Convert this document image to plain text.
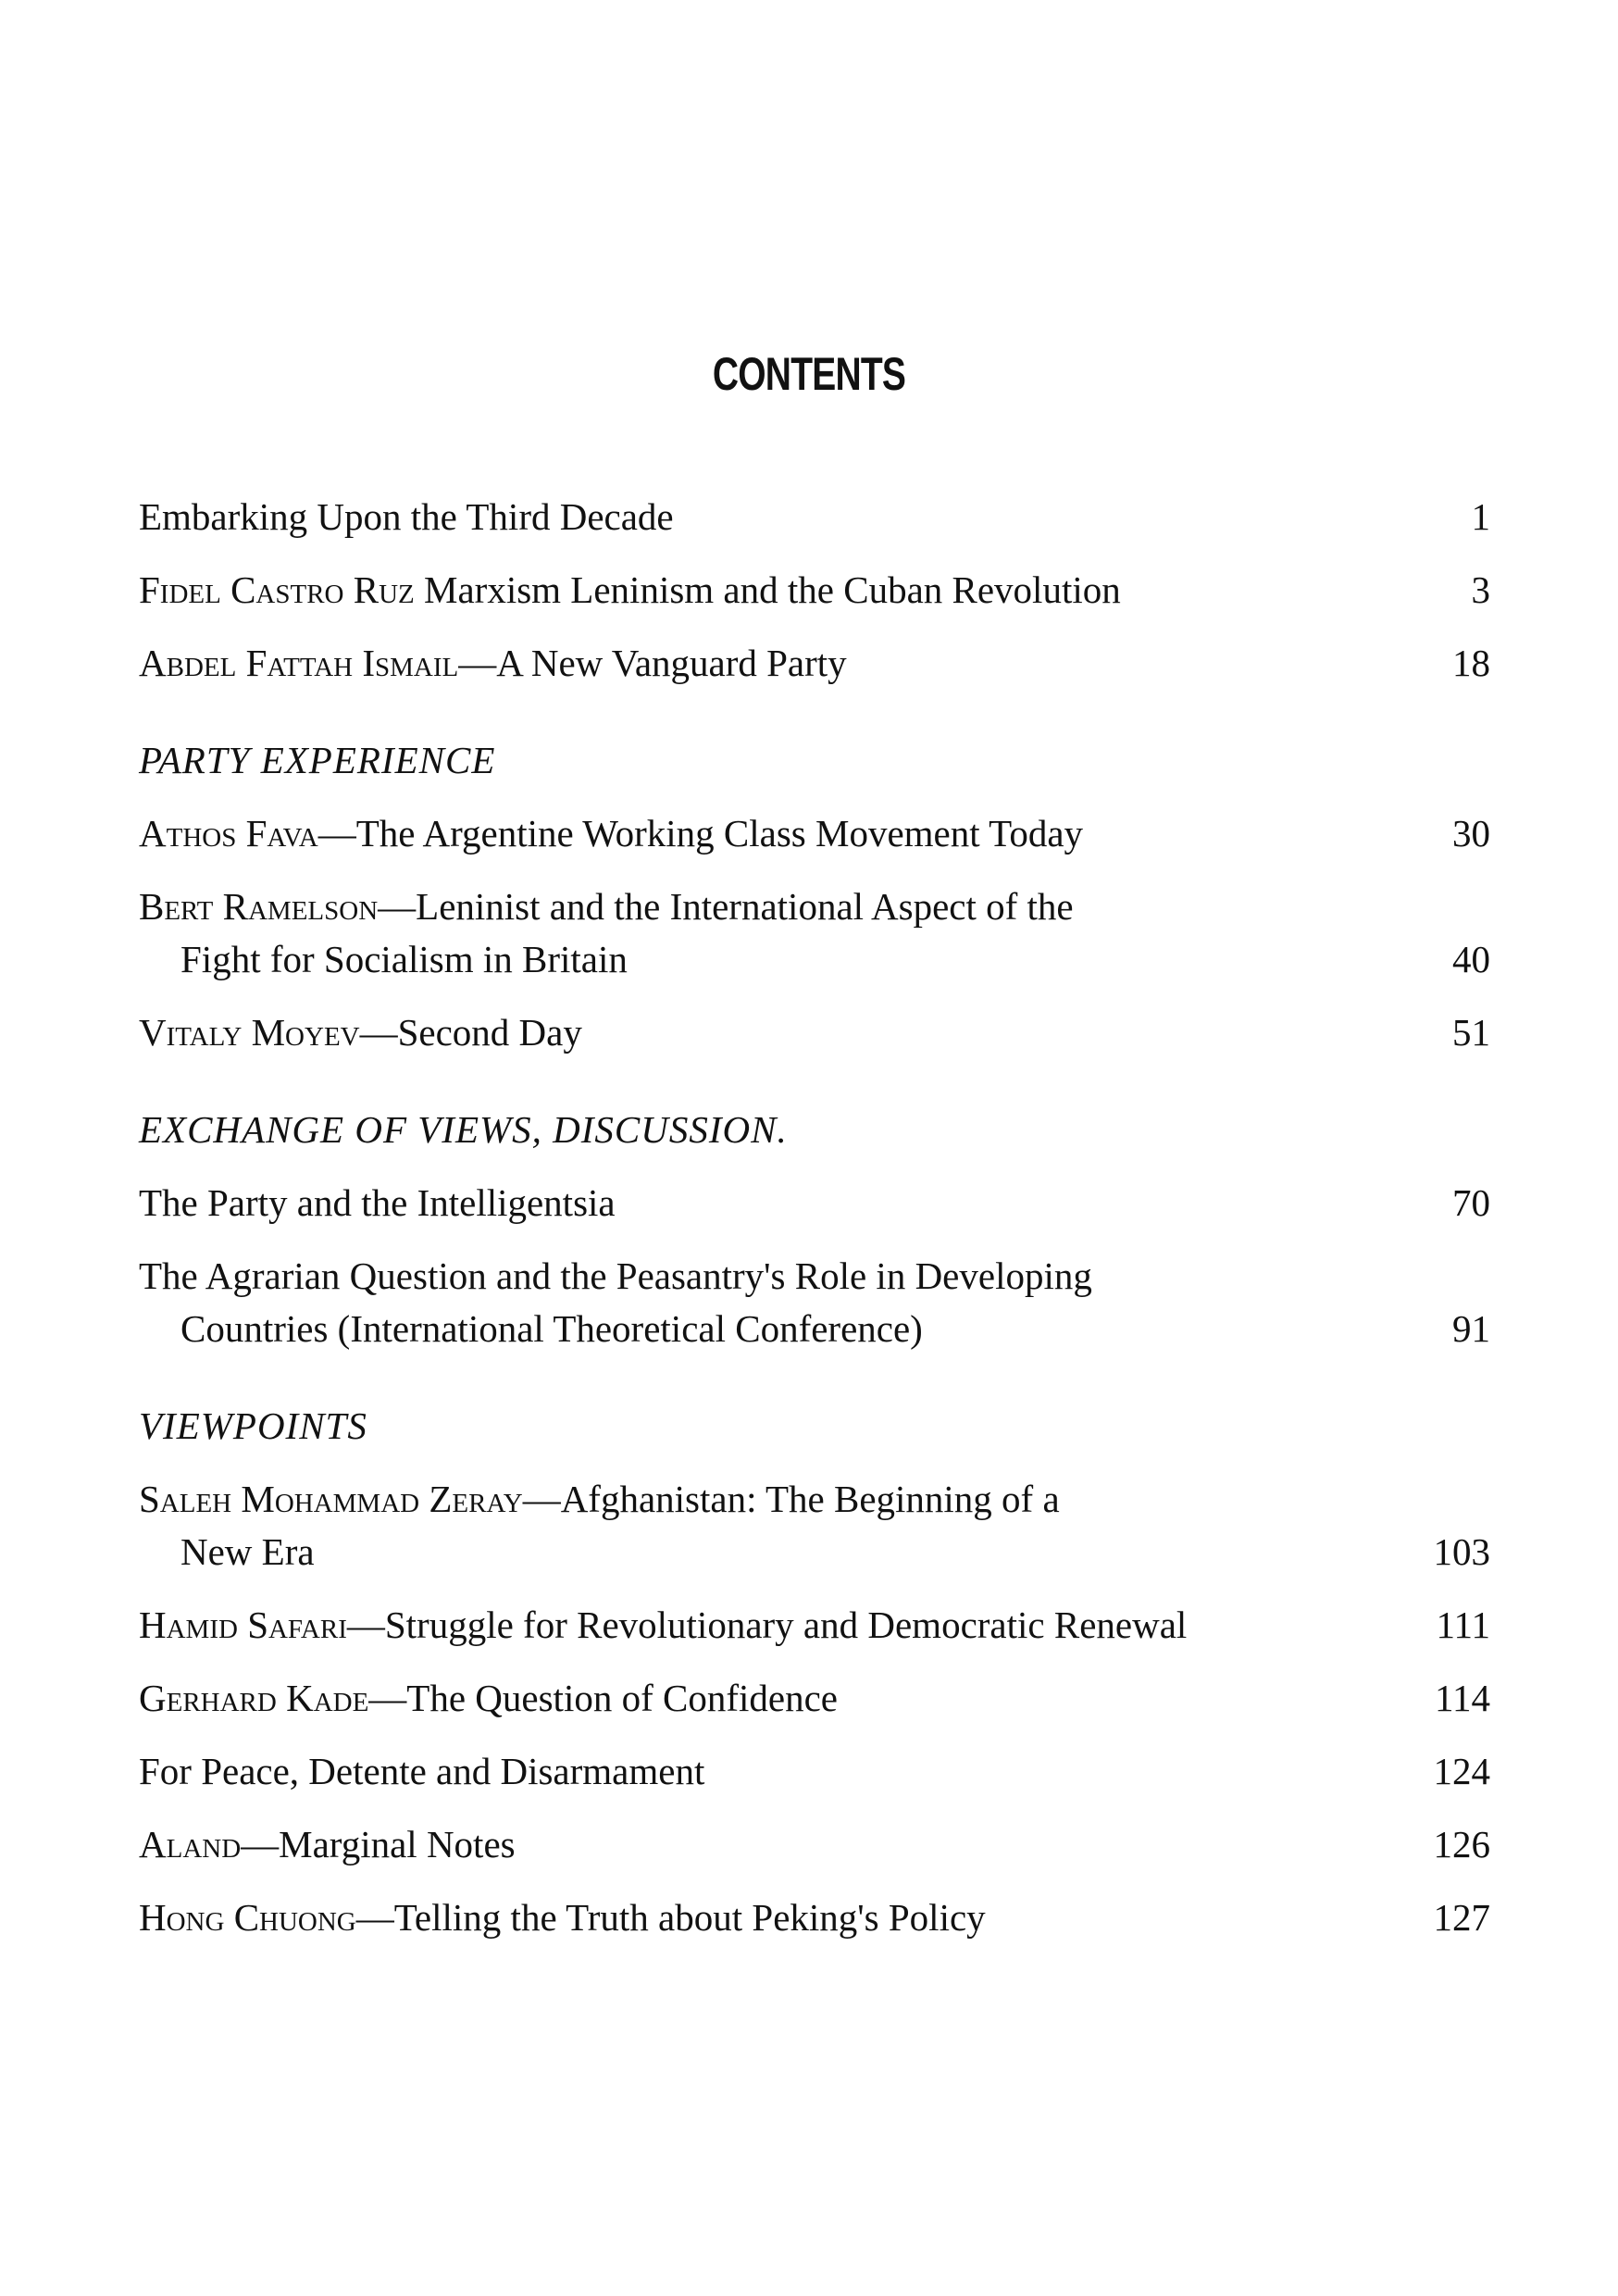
CONTENTS
Embarking Upon the Third Decade	1
Fidel Castro Ruz Marxism Leninism and the Cuban Revolution	3
Abdel Fattah Ismail—A New Vanguard Party	18
PARTY EXPERIENCE
Athos Fava—The Argentine Working Class Movement Today	30
Bert Ramelson—Leninist and the International Aspect of the
Fight for Socialism in Britain	40
Vitaly Moyev—Second Day	51
EXCHANGE OF VIEWS, DISCUSSION.
The Party and the Intelligentsia	70
The Agrarian Question and the Peasantry's Role in Developing
Countries (International Theoretical Conference)	91
VIEWPOINTS
Saleh Mohammad Zeray—Afghanistan: The Beginning of a
New Era	103
Hamid Safari—Struggle for Revolutionary and Democratic Renewal	111
Gerhard Kade—The Question of Confidence	114
For Peace, Detente and Disarmament	124
Aland—Marginal Notes	126
Hong Chuong—Telling the Truth about Peking's Policy	127
